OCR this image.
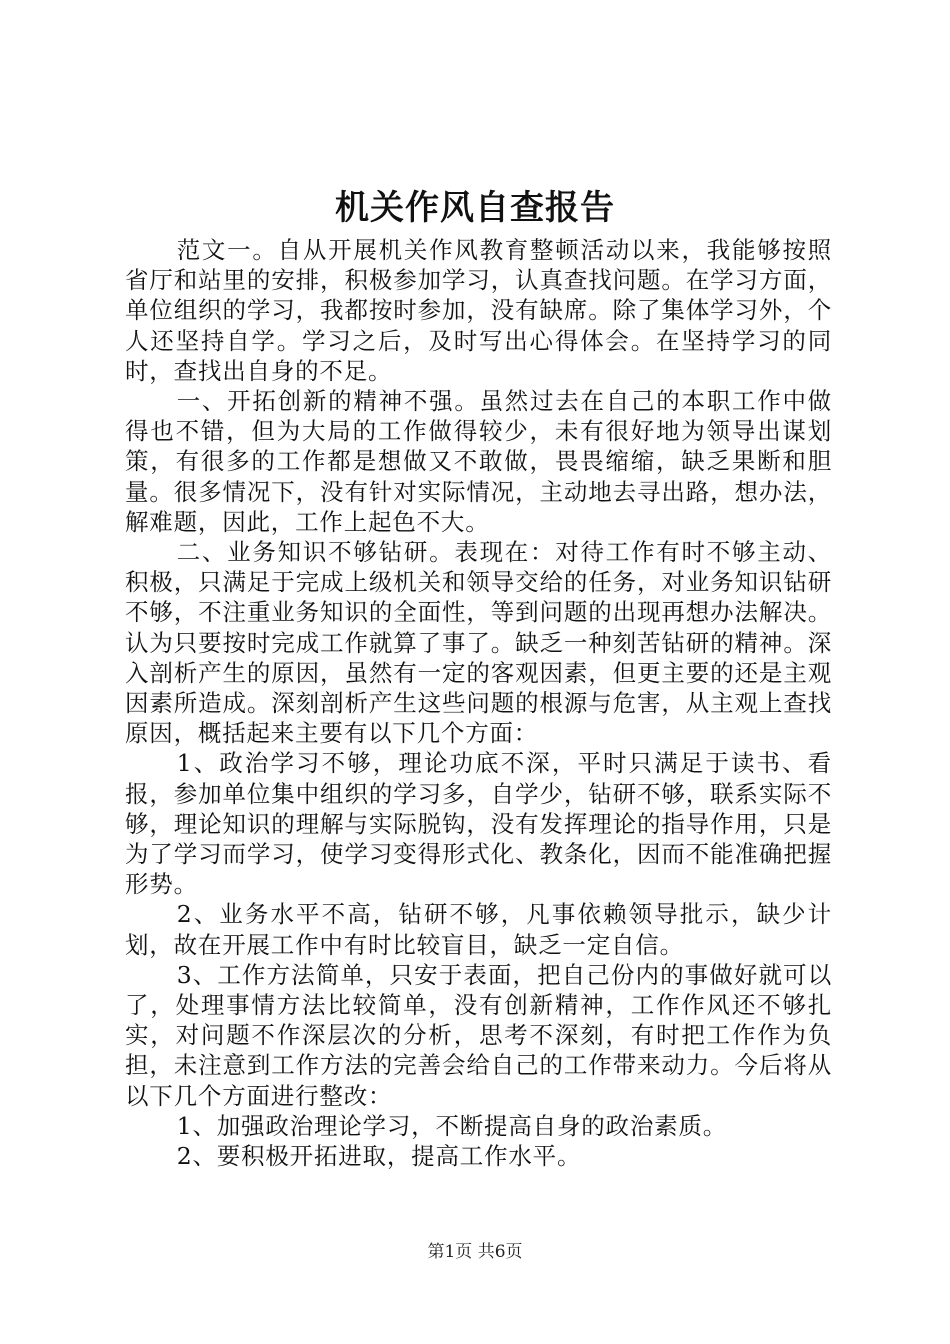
机关作风自查报告

范文一。自从开展机关作风教育整顿活动以来，我能够按照省厅和站里的安排，积极参加学习，认真查找问题。在学习方面，单位组织的学习，我都按时参加，没有缺席。除了集体学习外，个人还坚持自学。学习之后，及时写出心得体会。在坚持学习的同时，查找出自身的不足。

一、开拓创新的精神不强。虽然过去在自己的本职工作中做得也不错，但为大局的工作做得较少，未有很好地为领导出谋划策，有很多的工作都是想做又不敢做，畏畏缩缩，缺乏果断和胆量。很多情况下，没有针对实际情况，主动地去寻出路，想办法，解难题，因此，工作上起色不大。

二、业务知识不够钻研。表现在：对待工作有时不够主动、积极，只满足于完成上级机关和领导交给的任务，对业务知识钻研不够，不注重业务知识的全面性，等到问题的出现再想办法解决。认为只要按时完成工作就算了事了。缺乏一种刻苦钻研的精神。深入剖析产生的原因，虽然有一定的客观因素，但更主要的还是主观因素所造成。深刻剖析产生这些问题的根源与危害，从主观上查找原因，概括起来主要有以下几个方面：

1、政治学习不够，理论功底不深，平时只满足于读书、看报，参加单位集中组织的学习多，自学少，钻研不够，联系实际不够，理论知识的理解与实际脱钩，没有发挥理论的指导作用，只是为了学习而学习，使学习变得形式化、教条化，因而不能准确把握形势。

2、业务水平不高，钻研不够，凡事依赖领导批示，缺少计划，故在开展工作中有时比较盲目，缺乏一定自信。

3、工作方法简单，只安于表面，把自己份内的事做好就可以了，处理事情方法比较简单，没有创新精神，工作作风还不够扎实，对问题不作深层次的分析，思考不深刻，有时把工作作为负担，未注意到工作方法的完善会给自己的工作带来动力。今后将从以下几个方面进行整改：

1、加强政治理论学习，不断提高自身的政治素质。

2、要积极开拓进取，提高工作水平。

第1页 共6页
